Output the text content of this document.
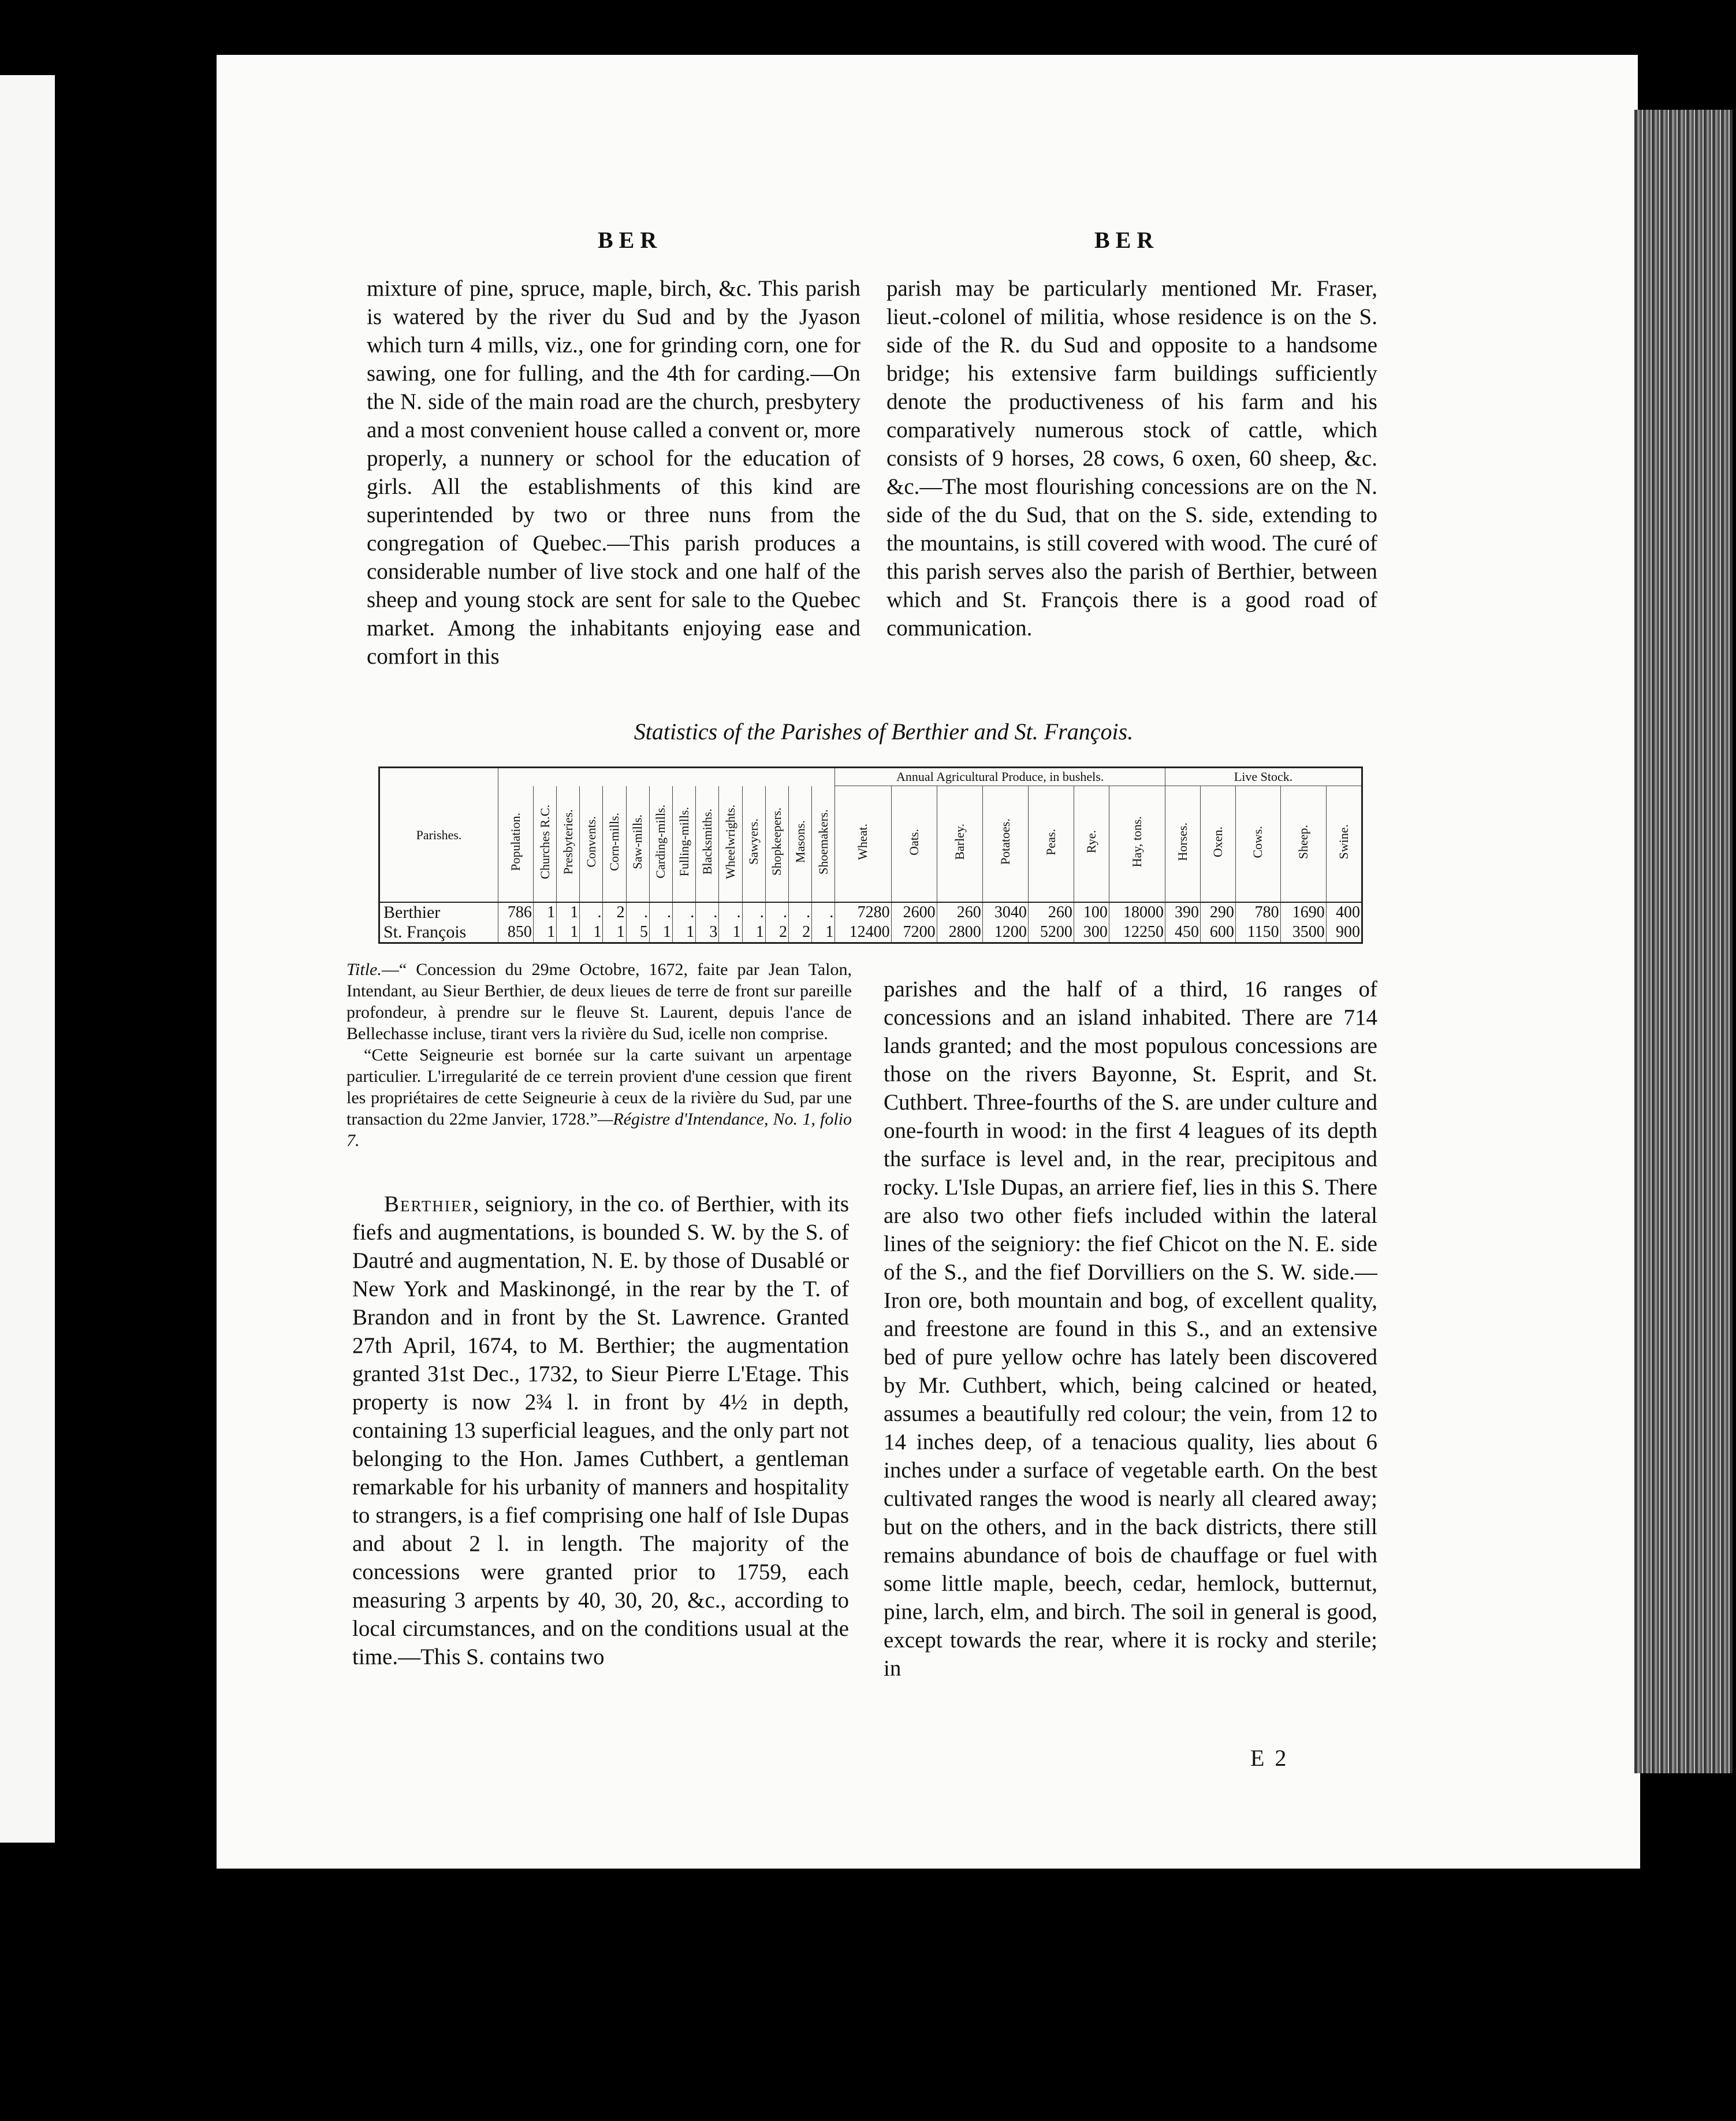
BER	BER

mixture of pine, spruce, maple, birch, &c. This parish is watered by the river du Sud and by the Jyason which turn 4 mills, viz., one for grinding corn, one for sawing, one for fulling, and the 4th for carding.—On the N. side of the main road are the church, presbytery and a most convenient house called a convent or, more properly, a nunnery or school for the education of girls. All the establishments of this kind are superintended by two or three nuns from the congregation of Quebec.—This parish produces a considerable number of live stock and one half of the sheep and young stock are sent for sale to the Quebec market. Among the inhabitants enjoying ease and comfort in this

parish may be particularly mentioned Mr. Fraser, lieut.-colonel of militia, whose residence is on the S. side of the R. du Sud and opposite to a handsome bridge; his extensive farm buildings sufficiently denote the productiveness of his farm and his comparatively numerous stock of cattle, which consists of 9 horses, 28 cows, 6 oxen, 60 sheep, &c. &c.—The most flourishing concessions are on the N. side of the du Sud, that on the S. side, extending to the mountains, is still covered with wood. The curé of this parish serves also the parish of Berthier, between which and St. François there is a good road of communication.

Statistics of the Parishes of Berthier and St. François.
Parishes.															Annual Agricultural Produce, in bushels.							Live Stock.				
	Population.	Churches R.C.	Presbyteries.	Convents.	Corn-mills.	Saw-mills.	Carding-mills.	Fulling-mills.	Blacksmiths.	Wheelwrights.	Sawyers.	Shopkeepers.	Masons.	Shoemakers.	Wheat.	Oats.	Barley.	Potatoes.	Peas.	Rye.	Hay, tons.	Horses.	Oxen.	Cows.	Sheep.	Swine.
Berthier	786	1	1	.	2	.	.	.	.	.	.	.	.	.	7280	2600	260	3040	260	100	18000	390	290	780	1690	400
St. François	850	1	1	1	1	5	1	1	3	1	1	2	2	1	12400	7200	2800	1200	5200	300	12250	450	600	1150	3500	900

Title.—“ Concession du 29me Octobre, 1672, faite par Jean Talon, Intendant, au Sieur Berthier, de deux lieues de terre de front sur pareille profondeur, à prendre sur le fleuve St. Laurent, depuis l'ance de Bellechasse incluse, tirant vers la rivière du Sud, icelle non comprise.

“Cette Seigneurie est bornée sur la carte suivant un arpentage particulier. L'irregularité de ce terrein provient d'une cession que firent les propriétaires de cette Seigneurie à ceux de la rivière du Sud, par une transaction du 22me Janvier, 1728.”—Régistre d'Intendance, No. 1, folio 7.

Berthier, seigniory, in the co. of Berthier, with its fiefs and augmentations, is bounded S. W. by the S. of Dautré and augmentation, N. E. by those of Dusablé or New York and Maskinongé, in the rear by the T. of Brandon and in front by the St. Lawrence. Granted 27th April, 1674, to M. Berthier; the augmentation granted 31st Dec., 1732, to Sieur Pierre L'Etage. This property is now 2¾ l. in front by 4½ in depth, containing 13 superficial leagues, and the only part not belonging to the Hon. James Cuthbert, a gentleman remarkable for his urbanity of manners and hospitality to strangers, is a fief comprising one half of Isle Dupas and about 2 l. in length. The majority of the concessions were granted prior to 1759, each measuring 3 arpents by 40, 30, 20, &c., according to local circumstances, and on the conditions usual at the time.—This S. contains two

parishes and the half of a third, 16 ranges of concessions and an island inhabited. There are 714 lands granted; and the most populous concessions are those on the rivers Bayonne, St. Esprit, and St. Cuthbert. Three-fourths of the S. are under culture and one-fourth in wood: in the first 4 leagues of its depth the surface is level and, in the rear, precipitous and rocky. L'Isle Dupas, an arriere fief, lies in this S. There are also two other fiefs included within the lateral lines of the seigniory: the fief Chicot on the N. E. side of the S., and the fief Dorvilliers on the S. W. side.—Iron ore, both mountain and bog, of excellent quality, and freestone are found in this S., and an extensive bed of pure yellow ochre has lately been discovered by Mr. Cuthbert, which, being calcined or heated, assumes a beautifully red colour; the vein, from 12 to 14 inches deep, of a tenacious quality, lies about 6 inches under a surface of vegetable earth. On the best cultivated ranges the wood is nearly all cleared away; but on the others, and in the back districts, there still remains abundance of bois de chauffage or fuel with some little maple, beech, cedar, hemlock, butternut, pine, larch, elm, and birch. The soil in general is good, except towards the rear, where it is rocky and sterile; in

E 2
